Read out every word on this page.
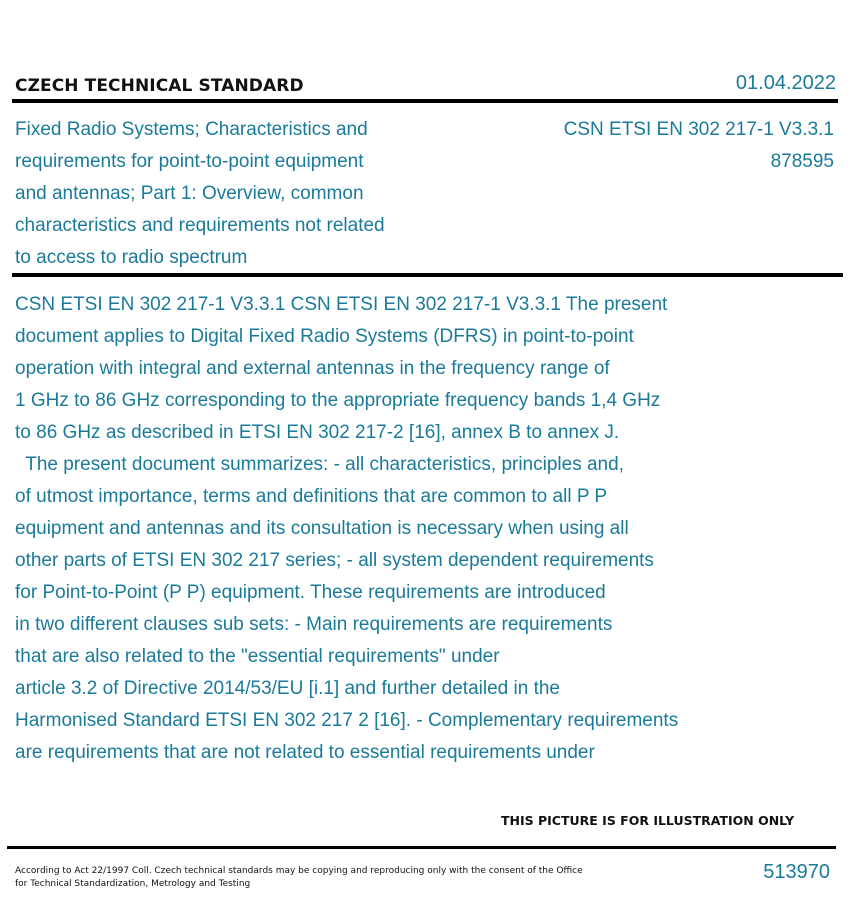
CZECH TECHNICAL STANDARD	01.04.2022
Fixed Radio Systems; Characteristics and
requirements for point-to-point equipment
and antennas; Part 1: Overview, common
characteristics and requirements not related
to access to radio spectrum
CSN ETSI EN 302 217-1 V3.3.1
878595
CSN ETSI EN 302 217-1 V3.3.1 CSN ETSI EN 302 217-1 V3.3.1 The present
document applies to Digital Fixed Radio Systems (DFRS) in point-to-point
operation with integral and external antennas in the frequency range of
1 GHz to 86 GHz corresponding to the appropriate frequency bands 1,4 GHz
to 86 GHz as described in ETSI EN 302 217-2 [16], annex B to annex J.
The present document summarizes: - all characteristics, principles and,
of utmost importance, terms and definitions that are common to all P P
equipment and antennas and its consultation is necessary when using all
other parts of ETSI EN 302 217 series; - all system dependent requirements
for Point-to-Point (P P) equipment. These requirements are introduced
in two different clauses sub sets: - Main requirements are requirements
that are also related to the "essential requirements" under
article 3.2 of Directive 2014/53/EU [i.1] and further detailed in the
Harmonised Standard ETSI EN 302 217 2 [16]. - Complementary requirements
are requirements that are not related to essential requirements under
THIS PICTURE IS FOR ILLUSTRATION ONLY
According to Act 22/1997 Coll. Czech technical standards may be copying and reproducing only with the consent of the Office
for Technical Standardization, Metrology and Testing
513970
